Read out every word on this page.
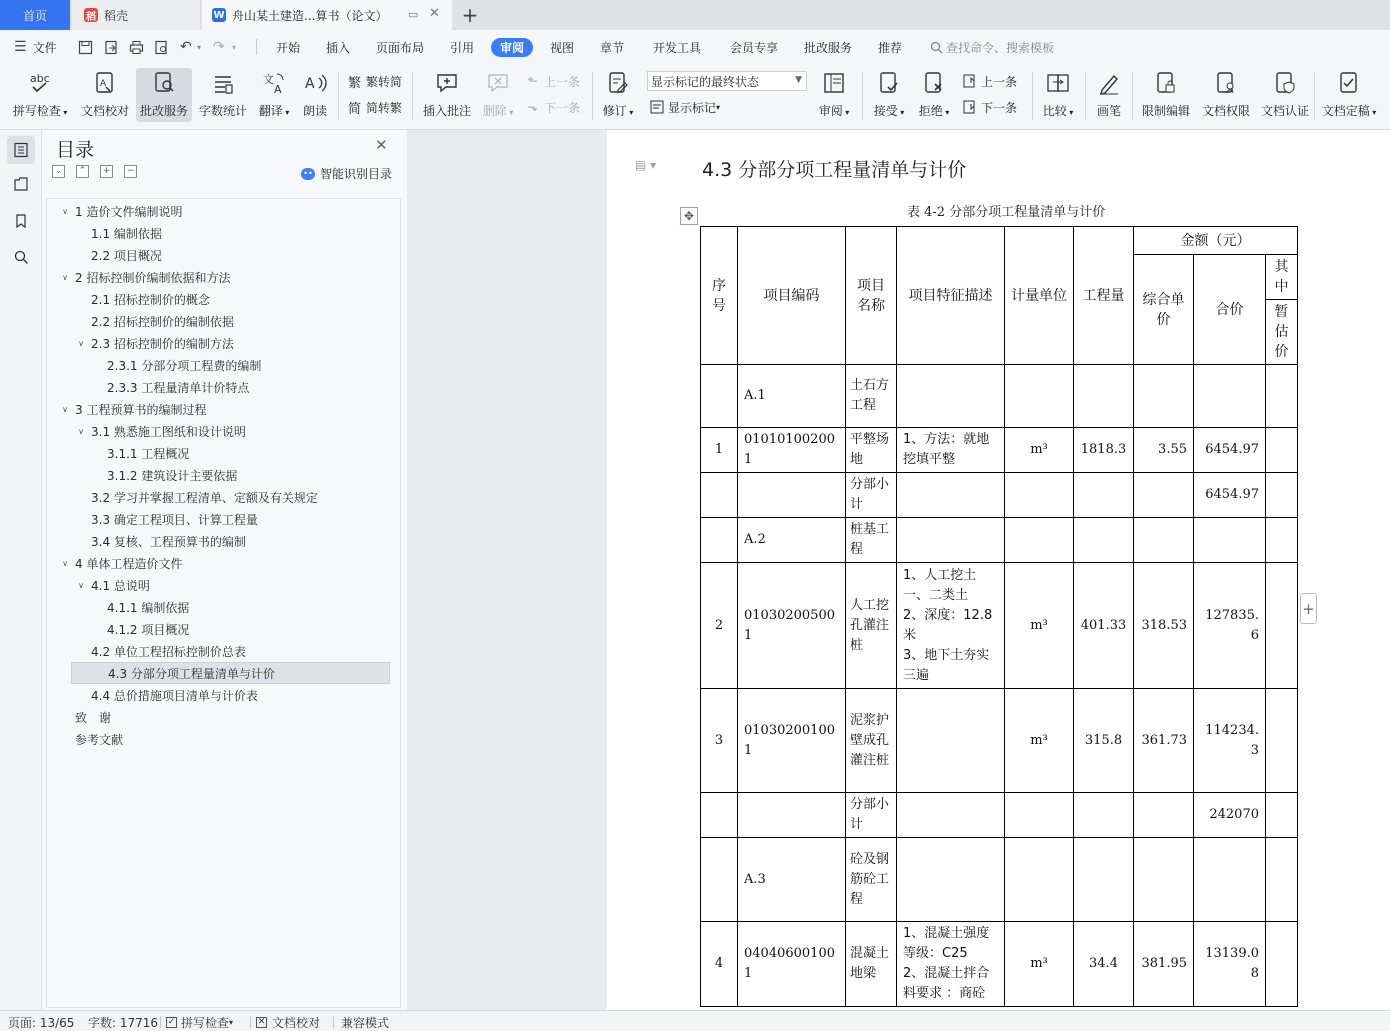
首页	稻 稻壳	W 舟山某土建造...算书（论文） ▭ ✕ +
☰ 文件	↶ ▾ ↷ ▾	开始 插入 页面布局 引用	审阅	视图 章节 开发工具 会员专享 批改服务 推荐	查找命令、搜索模板
abc
拼写检查 ▾
A
文档校对 批改服务 字数统计
文
A
翻译 ▾
A
朗读
繁 繁转简
简 简转繁 插入批注 删除 ▾
⬑ 上一条
⬎ 下一条 修订 ▾
显示标记的最终状态	▼
显示标记 ▾	审阅 ▾ 接受 ▾ 拒绝 ▾
上一条
下一条 比较 ▾ 画笔 限制编辑 文档权限 文档认证 文档定稿 ▾
目录	✕
⌄	⌃	+	−	•• 智能识别目录
∨ 1 造价文件编制说明
1.1 编制依据
2.2 项目概况
∨ 2 招标控制价编制依据和方法
2.1 招标控制价的概念
2.2 招标控制价的编制依据
∨ 2.3 招标控制价的编制方法
2.3.1 分部分项工程费的编制
2.3.3 工程量清单计价特点
∨ 3 工程预算书的编制过程
∨ 3.1 熟悉施工图纸和设计说明
3.1.1 工程概况
3.1.2 建筑设计主要依据
3.2 学习并掌握工程清单、定额及有关规定
3.3 确定工程项目、计算工程量
3.4 复核、工程预算书的编制
∨ 4 单体工程造价文件
∨ 4.1 总说明
4.1.1 编制依据
4.1.2 项目概况
4.2 单位工程招标控制价总表
4.3 分部分项工程量清单与计价
4.4 总价措施项目清单与计价表
致　谢
参考文献
▤ ▾ 4.3 分部分项工程量清单与计价
✥	表 4-2 分部分项工程量清单与计价
序号	项目编码	项目名称	项目特征描述	计量单位	工程量	金额（元）		
						综合单价	合价	其中
								暂估价
	A.1	土石方工程						
1	010101002001	平整场地	1、方法：就地挖填平整	m³	1818.3	3.55	6454.97	
		分部小计					6454.97	
	A.2	桩基工程						
2	010302005001	人工挖孔灌注桩	1、人工挖土一、二类土
2、深度：12.8米
3、地下土夯实三遍	m³	401.33	318.53	127835.6	
3	010302001001	泥浆护壁成孔灌注桩		m³	315.8	361.73	114234.3	
		分部小计					242070	
	A.3	砼及钢筋砼工程						
4	040406001001	混凝土地梁	1、混凝土强度等级：C25
2、混凝土拌合料要求 ：商砼	m³	34.4	381.95	13139.08	
+
页面: 13/65 字数: 17716 ✓ 拼写检查 ▾	✕ 文档校对 兼容模式
